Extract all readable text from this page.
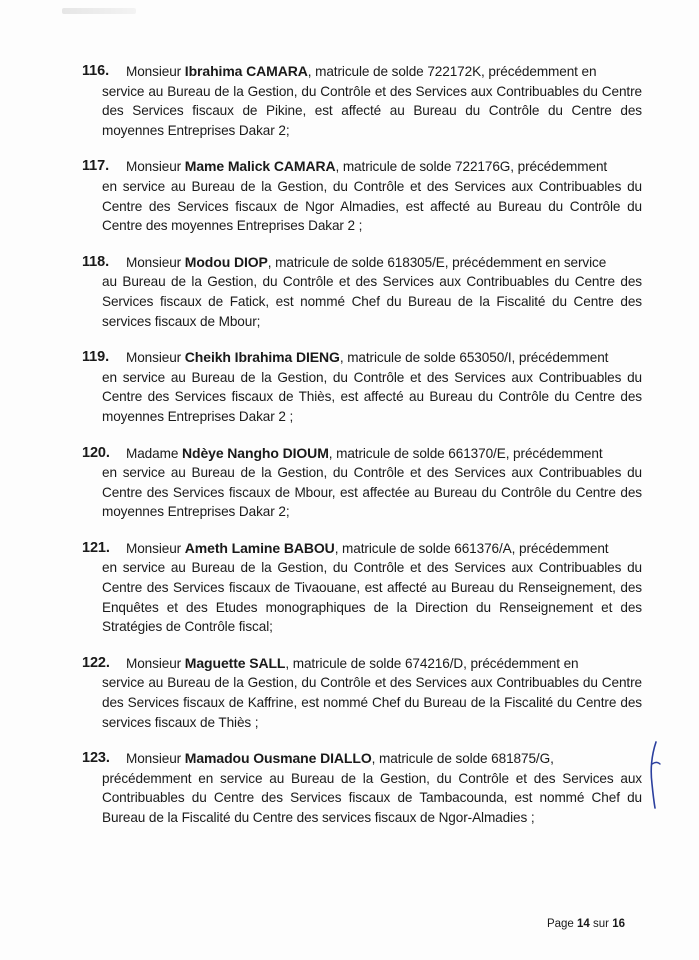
116.	Monsieur Ibrahima CAMARA, matricule de solde 722172K, précédemment en
service au Bureau de la Gestion, du Contrôle et des Services aux Contribuables du Centre des Services fiscaux de Pikine, est affecté au Bureau du Contrôle du Centre des moyennes Entreprises Dakar 2;
117.	Monsieur Mame Malick CAMARA, matricule de solde 722176G, précédemment
en service au Bureau de la Gestion, du Contrôle et des Services aux Contribuables du Centre des Services fiscaux de Ngor Almadies, est affecté au Bureau du Contrôle du Centre des moyennes Entreprises Dakar 2 ;
118.	Monsieur Modou DIOP, matricule de solde 618305/E, précédemment en service
au Bureau de la Gestion, du Contrôle et des Services aux Contribuables du Centre des Services fiscaux de Fatick, est nommé Chef du Bureau de la Fiscalité du Centre des services fiscaux de Mbour;
119.	Monsieur Cheikh Ibrahima DIENG, matricule de solde 653050/I, précédemment
en service au Bureau de la Gestion, du Contrôle et des Services aux Contribuables du Centre des Services fiscaux de Thiès, est affecté au Bureau du Contrôle du Centre des moyennes Entreprises Dakar 2 ;
120.	Madame Ndèye Nangho DIOUM, matricule de solde 661370/E, précédemment
en service au Bureau de la Gestion, du Contrôle et des Services aux Contribuables du Centre des Services fiscaux de Mbour, est affectée au Bureau du Contrôle du Centre des moyennes Entreprises Dakar 2;
121.	Monsieur Ameth Lamine BABOU, matricule de solde 661376/A, précédemment
en service au Bureau de la Gestion, du Contrôle et des Services aux Contribuables du Centre des Services fiscaux de Tivaouane, est affecté au Bureau du Renseignement, des Enquêtes et des Etudes monographiques de la Direction du Renseignement et des Stratégies de Contrôle fiscal;
122.	Monsieur Maguette SALL, matricule de solde 674216/D, précédemment en
service au Bureau de la Gestion, du Contrôle et des Services aux Contribuables du Centre des Services fiscaux de Kaffrine, est nommé Chef du Bureau de la Fiscalité du Centre des services fiscaux de Thiès ;
123.	Monsieur Mamadou Ousmane DIALLO, matricule de solde 681875/G,
précédemment en service au Bureau de la Gestion, du Contrôle et des Services aux Contribuables du Centre des Services fiscaux de Tambacounda, est nommé Chef du Bureau de la Fiscalité du Centre des services fiscaux de Ngor-Almadies ;
Page 14 sur 16
